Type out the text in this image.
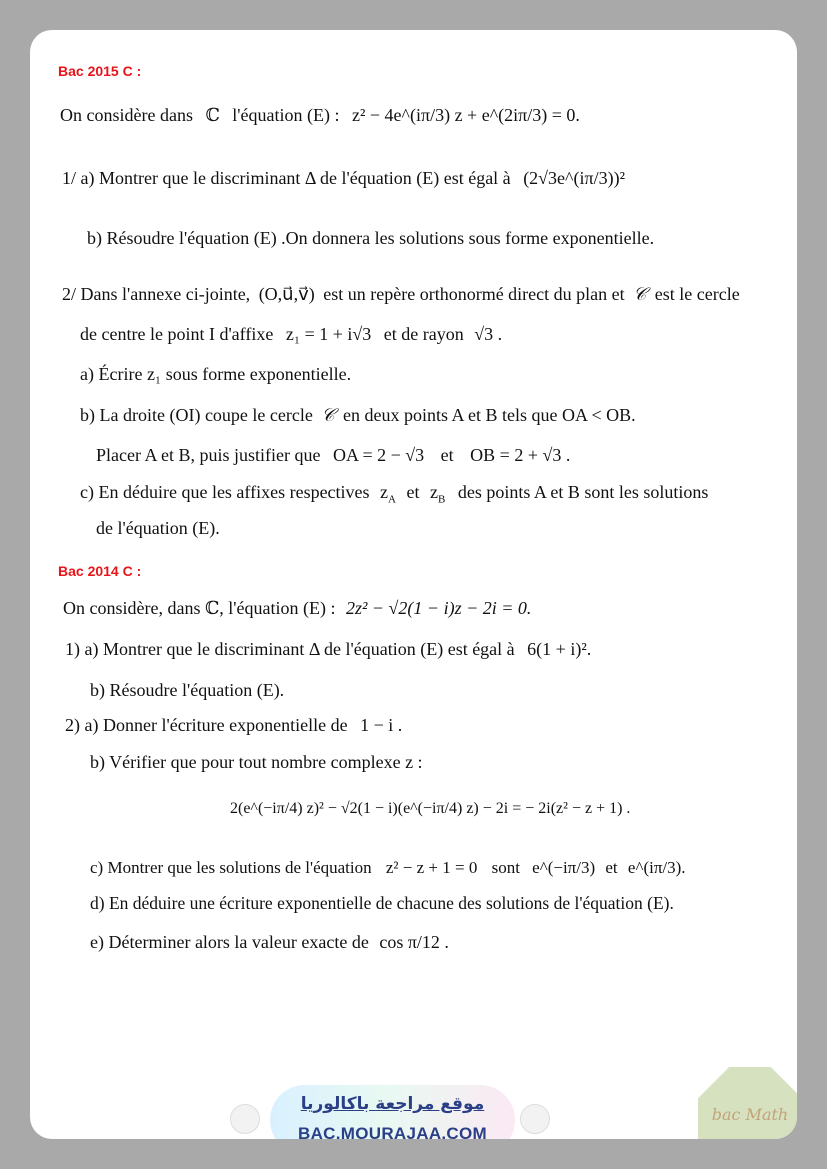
Bac 2015 C :
On considère dans ℂ l'équation (E) : z² − 4e^(iπ/3) z + e^(2iπ/3) = 0.
1/ a) Montrer que le discriminant Δ de l'équation (E) est égal à (2√3e^(iπ/3))²
b) Résoudre l'équation (E) .On donnera les solutions sous forme exponentielle.
2/ Dans l'annexe ci-jointe, (O,u⃗,v⃗) est un repère orthonormé direct du plan et 𝒞 est le cercle
de centre le point I d'affixe z₁ = 1 + i√3 et de rayon √3 .
a) Écrire z₁ sous forme exponentielle.
b) La droite (OI) coupe le cercle 𝒞 en deux points A et B tels que OA < OB.
Placer A et B, puis justifier que OA = 2 − √3 et OB = 2 + √3 .
c) En déduire que les affixes respectives $z_A$ et $z_B$ des points A et B sont les solutions
de l'équation (E).
Bac 2014 C :
On considère, dans ℂ, l'équation (E) : 2z² − √2(1 − i)z − 2i = 0.
1) a) Montrer que le discriminant Δ de l'équation (E) est égal à 6(1 + i)².
b) Résoudre l'équation (E).
2) a) Donner l'écriture exponentielle de 1 − i .
b) Vérifier que pour tout nombre complexe z :
2(e^(−iπ/4) z)² − √2(1 − i)(e^(−iπ/4) z) − 2i = − 2i(z² − z + 1) .
c) Montrer que les solutions de l'équation z² − z + 1 = 0 sont e^(−iπ/3) et e^(iπ/3).
d) En déduire une écriture exponentielle de chacune des solutions de l'équation (E).
e) Déterminer alors la valeur exacte de cos π/12 .
موقع مراجعة باكالوريا
BAC.MOURAJAA.COM
bac Math
